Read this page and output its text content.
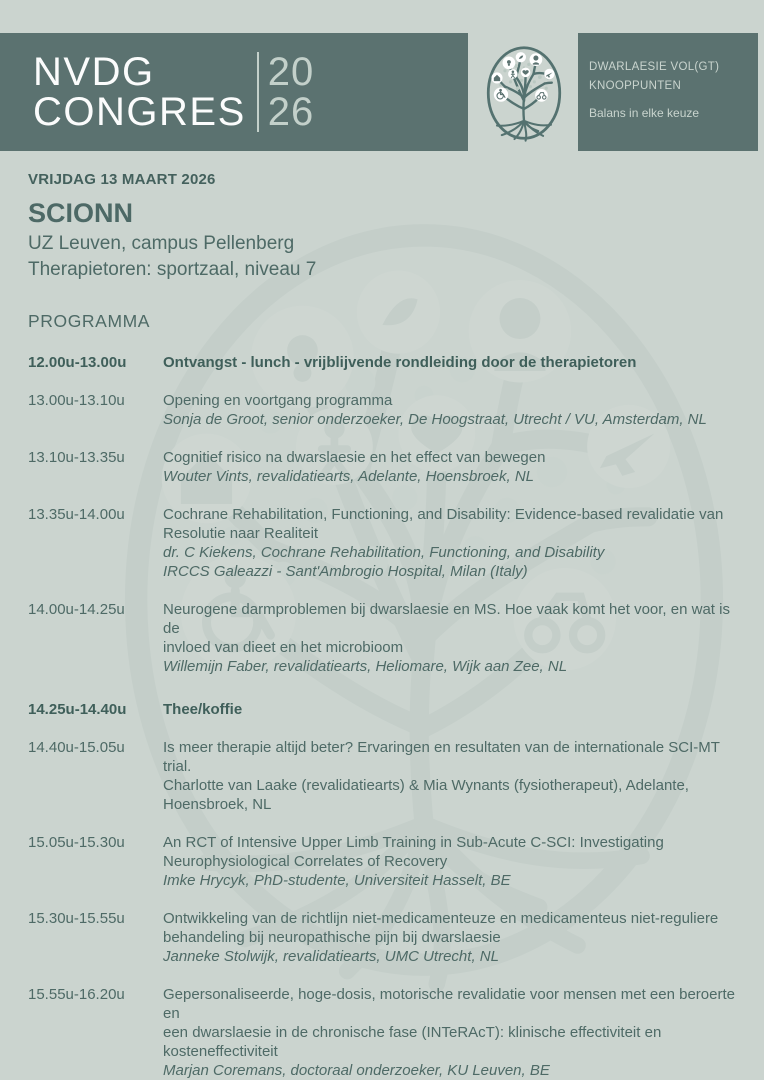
NVDG
CONGRES
20
26
DWARLAESIE VOL(GT)
KNOOPPUNTEN
Balans in elke keuze
VRIJDAG 13 MAART 2026
SCIONN
UZ Leuven, campus Pellenberg
Therapietoren: sportzaal, niveau 7
PROGRAMMA
12.00u-13.00u	Ontvangst - lunch - vrijblijvende rondleiding door de therapietoren
13.00u-13.10u	Opening en voortgang programma
Sonja de Groot, senior onderzoeker, De Hoogstraat, Utrecht / VU, Amsterdam, NL
13.10u-13.35u	Cognitief risico na dwarslaesie en het effect van bewegen
Wouter Vints, revalidatiearts, Adelante, Hoensbroek, NL
13.35u-14.00u	Cochrane Rehabilitation, Functioning, and Disability: Evidence-based revalidatie van
Resolutie naar Realiteit
dr. C Kiekens, Cochrane Rehabilitation, Functioning, and Disability
IRCCS Galeazzi - Sant'Ambrogio Hospital, Milan (Italy)
14.00u-14.25u	Neurogene darmproblemen bij dwarslaesie en MS. Hoe vaak komt het voor, en wat is de
invloed van dieet en het microbioom
Willemijn Faber, revalidatiearts, Heliomare, Wijk aan Zee, NL
14.25u-14.40u	Thee/koffie
14.40u-15.05u	Is meer therapie altijd beter? Ervaringen en resultaten van de internationale SCI-MT trial.
Charlotte van Laake (revalidatiearts) & Mia Wynants (fysiotherapeut), Adelante,
Hoensbroek, NL
15.05u-15.30u	An RCT of Intensive Upper Limb Training in Sub-Acute C-SCI: Investigating
Neurophysiological Correlates of Recovery
Imke Hrycyk, PhD-studente, Universiteit Hasselt, BE
15.30u-15.55u	Ontwikkeling van de richtlijn niet-medicamenteuze en medicamenteus niet-reguliere
behandeling bij neuropathische pijn bij dwarslaesie
Janneke Stolwijk, revalidatiearts, UMC Utrecht, NL
15.55u-16.20u	Gepersonaliseerde, hoge-dosis, motorische revalidatie voor mensen met een beroerte en
een dwarslaesie in de chronische fase (INTeRAcT): klinische effectiviteit en
kosteneffectiviteit
Marjan Coremans, doctoraal onderzoeker, KU Leuven, BE
